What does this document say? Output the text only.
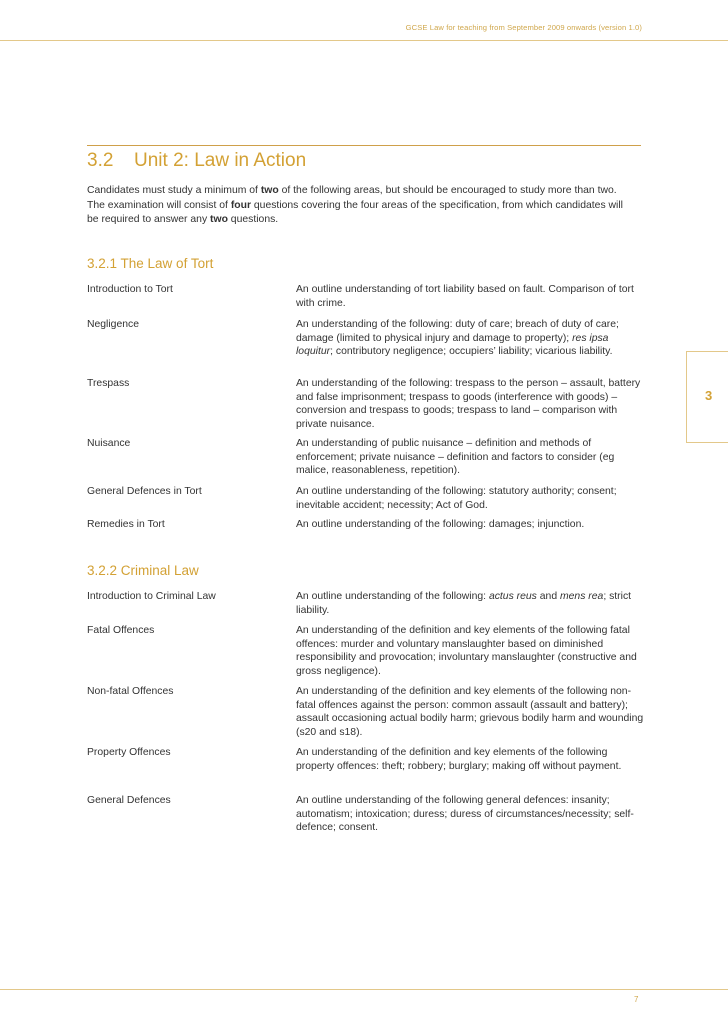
GCSE Law for teaching from September 2009 onwards (version 1.0)
3.2 Unit 2: Law in Action
Candidates must study a minimum of two of the following areas, but should be encouraged to study more than two. The examination will consist of four questions covering the four areas of the specification, from which candidates will be required to answer any two questions.
3.2.1 The Law of Tort
Introduction to Tort	An outline understanding of tort liability based on fault. Comparison of tort with crime.
Negligence	An understanding of the following: duty of care; breach of duty of care; damage (limited to physical injury and damage to property); res ipsa loquitur; contributory negligence; occupiers’ liability; vicarious liability.
Trespass	An understanding of the following: trespass to the person – assault, battery and false imprisonment; trespass to goods (interference with goods) – conversion and trespass to goods; trespass to land – comparison with private nuisance.
Nuisance	An understanding of public nuisance – definition and methods of enforcement; private nuisance – definition and factors to consider (eg malice, reasonableness, repetition).
General Defences in Tort	An outline understanding of the following: statutory authority; consent; inevitable accident; necessity; Act of God.
Remedies in Tort	An outline understanding of the following: damages; injunction.
3.2.2 Criminal Law
Introduction to Criminal Law	An outline understanding of the following: actus reus and mens rea; strict liability.
Fatal Offences	An understanding of the definition and key elements of the following fatal offences: murder and voluntary manslaughter based on diminished responsibility and provocation; involuntary manslaughter (constructive and gross negligence).
Non-fatal Offences	An understanding of the definition and key elements of the following non-fatal offences against the person: common assault (assault and battery); assault occasioning actual bodily harm; grievous bodily harm and wounding (s20 and s18).
Property Offences	An understanding of the definition and key elements of the following property offences: theft; robbery; burglary; making off without payment.
General Defences	An outline understanding of the following general defences: insanity; automatism; intoxication; duress; duress of circumstances/necessity; self-defence; consent.
3
7
